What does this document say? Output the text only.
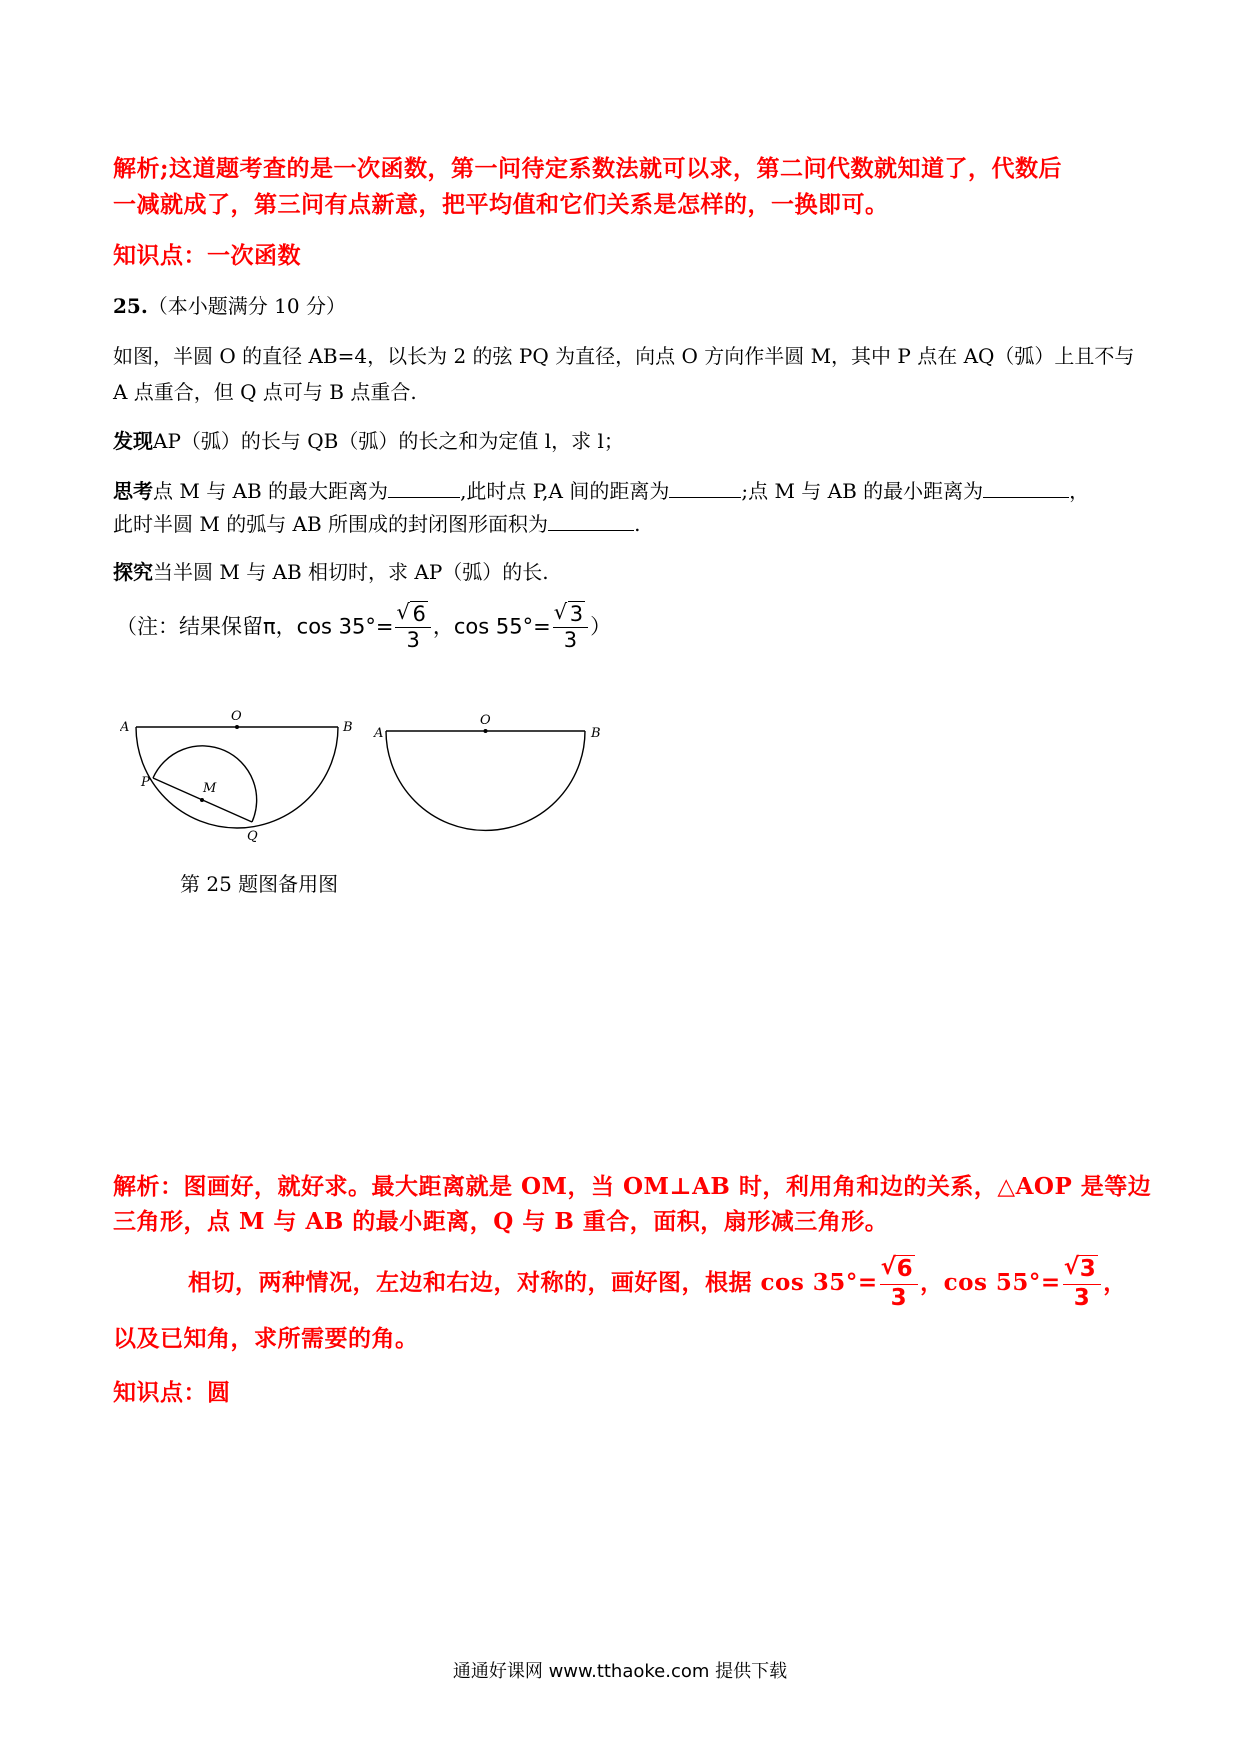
解析;这道题考查的是一次函数，第一问待定系数法就可以求，第二问代数就知道了，代数后
一减就成了，第三问有点新意，把平均值和它们关系是怎样的，一换即可。
知识点：一次函数
25.（本小题满分 10 分）
如图，半圆 O 的直径 AB=4，以长为 2 的弦 PQ 为直径，向点 O 方向作半圆 M，其中 P 点在 AQ（弧）上且不与
A 点重合，但 Q 点可与 B 点重合.
发现AP（弧）的长与 QB（弧）的长之和为定值 l，求 l；
思考点 M 与 AB 的最大距离为	,此时点 P,A 间的距离为	;点 M 与 AB 的最小距离为	，
此时半圆 M 的弧与 AB 所围成的封闭图形面积为	.
探究当半圆 M 与 AB 相切时，求 AP（弧）的长.
（注：结果保留π，cos 35°= √ $\frac{6}{3}$ ，cos 55°= √ $\frac{3}{3}$ ）
A
O
B
P	M
Q
A
O
B
第 25 题图备用图
解析：图画好，就好求。最大距离就是 OM，当 OM⊥AB 时，利用角和边的关系，△AOP 是等边
三角形，点 M 与 AB 的最小距离，Q 与 B 重合，面积，扇形减三角形。
相切，两种情况，左边和右边，对称的，画好图，根据 cos 35°= √ $\frac{6}{3}$ ，cos 55°= √ $\frac{3}{3}$ ，
以及已知角，求所需要的角。
知识点：圆
通通好课网 www.tthaoke.com 提供下载
